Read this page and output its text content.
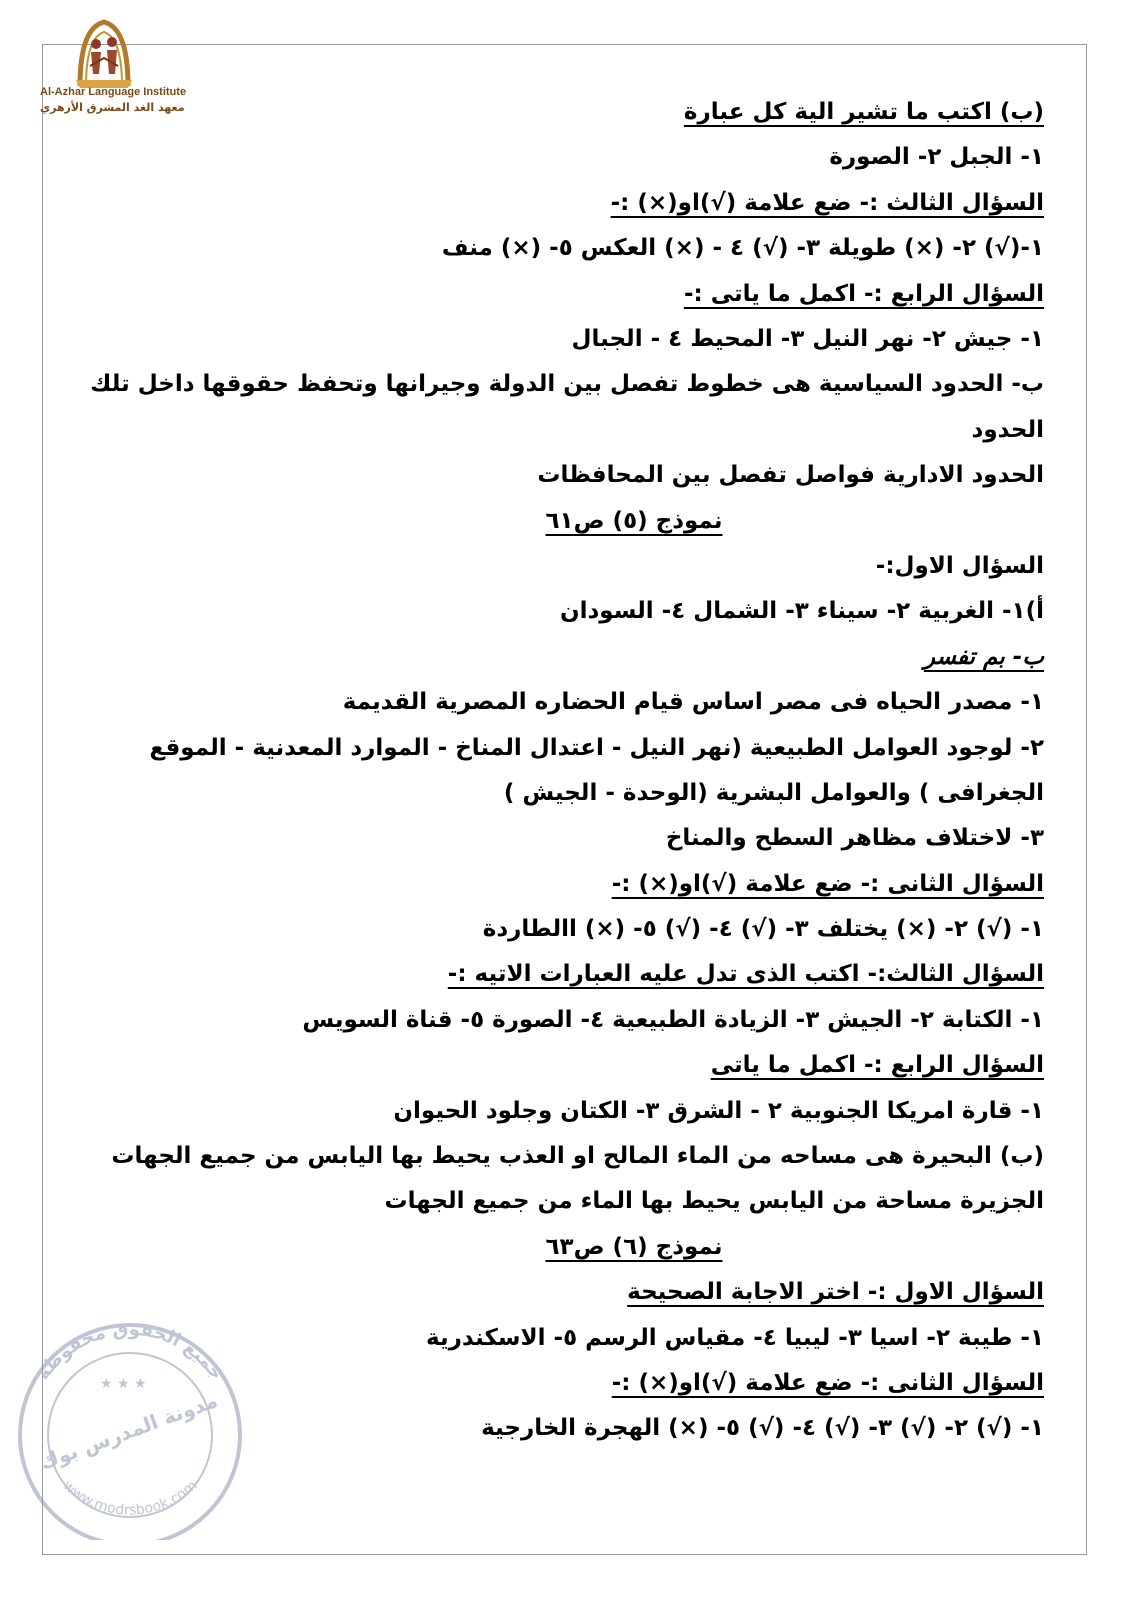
Al-Azhar Language Institute
معهد الغد المشرق الأزهري	(ب) اكتب ما تشير الية كل عبارة
١- الجبل ٢- الصورة
السؤال الثالث :- ضع علامة (√)او(×) :-
١-(√) ٢- (×) طويلة ٣- (√) ٤ - (×) العكس ٥- (×) منف
السؤال الرابع :- اكمل ما ياتى :-
١- جيش ٢- نهر النيل ٣- المحيط ٤ - الجبال
ب- الحدود السياسية هى خطوط تفصل بين الدولة وجيرانها وتحفظ حقوقها داخل تلك الحدود
الحدود الادارية فواصل تفصل بين المحافظات
نموذج (٥) ص٦١
السؤال الاول:-
أ)١- الغربية ٢- سيناء ٣- الشمال ٤- السودان
ب- بم تفسر
١- مصدر الحياه فى مصر اساس قيام الحضاره المصرية القديمة
٢- لوجود العوامل الطبيعية (نهر النيل - اعتدال المناخ - الموارد المعدنية - الموقع الجغرافى ) والعوامل البشرية (الوحدة - الجيش )
٣- لاختلاف مظاهر السطح والمناخ
السؤال الثانى :- ضع علامة (√)او(×) :-
١- (√) ٢- (×) يختلف ٣- (√) ٤- (√) ٥- (×) االطاردة
السؤال الثالث:- اكتب الذى تدل عليه العبارات الاتيه :-
١- الكتابة ٢- الجيش ٣- الزيادة الطبيعية ٤- الصورة ٥- قناة السويس
السؤال الرابع :- اكمل ما ياتى
١- قارة امريكا الجنوبية ٢ - الشرق ٣- الكتان وجلود الحيوان
(ب) البحيرة هى مساحه من الماء المالح او العذب يحيط بها اليابس من جميع الجهات
الجزيرة مساحة من اليابس يحيط بها الماء من جميع الجهات
نموذج (٦) ص٦٣
السؤال الاول :- اختر الاجابة الصحيحة
١- طيبة ٢- اسيا ٣- ليبيا ٤- مقياس الرسم ٥- الاسكندرية
السؤال الثانى :- ضع علامة (√)او(×) :-
١- (√) ٢- (√) ٣- (√) ٤- (√) ٥- (×) الهجرة الخارجية
جميع الحقوق محفوظة
مدونة المدرس بوك
www.modrsbook.com
★ ★ ★
